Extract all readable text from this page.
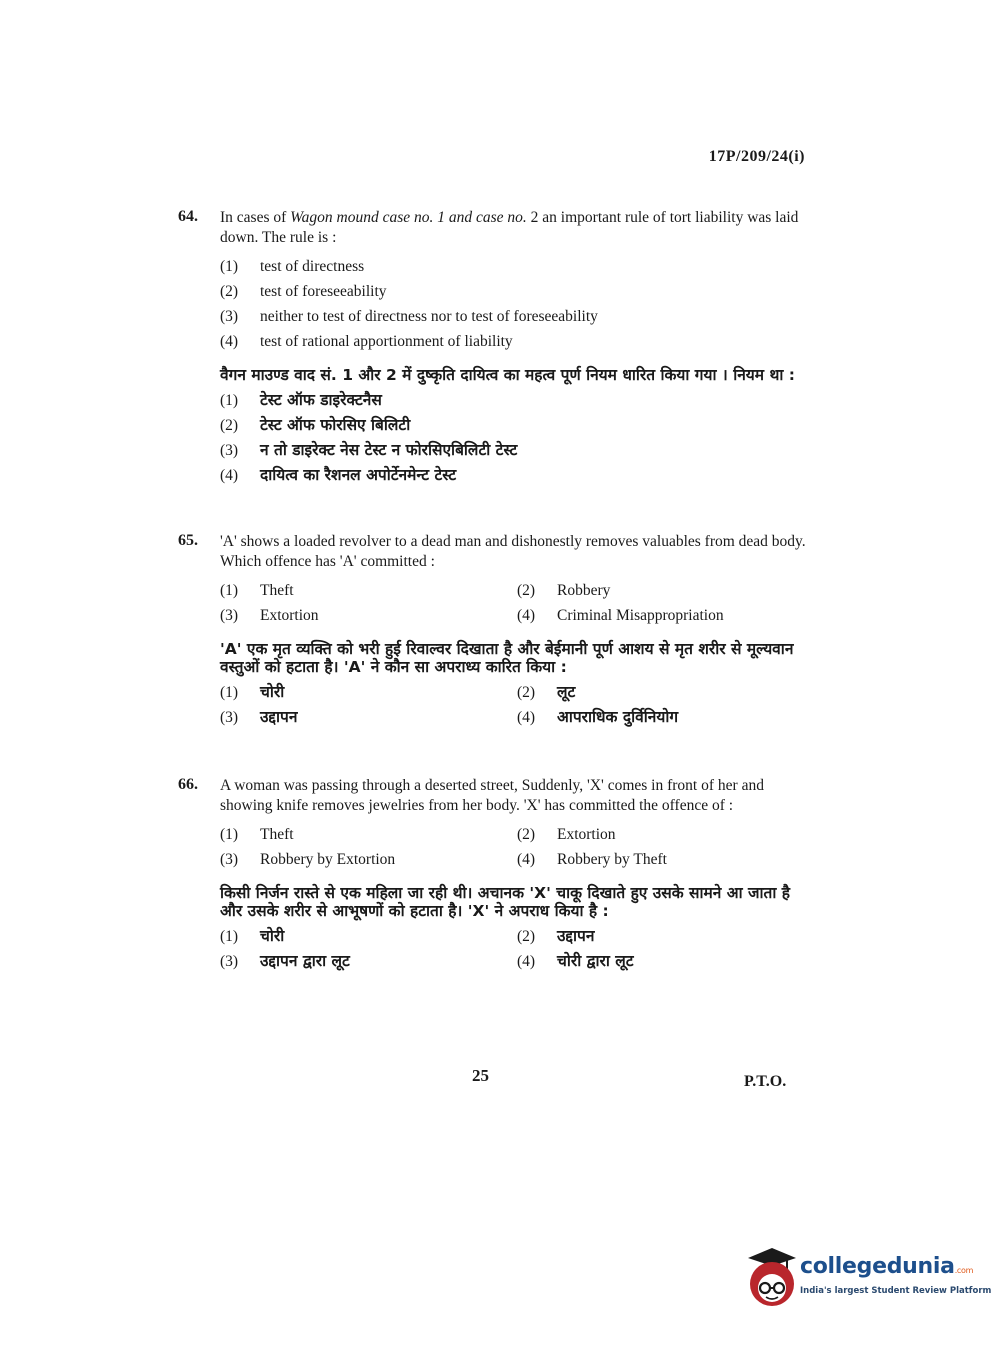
17P/209/24(i)
64. In cases of Wagon mound case no. 1 and case no. 2 an important rule of tort liability was laid down. The rule is :
(1) test of directness
(2) test of foreseeability
(3) neither to test of directness nor to test of foreseeability
(4) test of rational apportionment of liability
वैगन माउण्ड वाद सं. 1 और 2 में दुष्कृति दायित्व का महत्व पूर्ण नियम धारित किया गया । नियम था :
(1) टेस्ट ऑफ डाइरेक्टनैस
(2) टेस्ट ऑफ फोरसिए बिलिटी
(3) न तो डाइरेक्ट नेस टेस्ट न फोरसिएबिलिटी टेस्ट
(4) दायित्व का रैशनल अपोर्टेनमेन्ट टेस्ट
65. 'A' shows a loaded revolver to a dead man and dishonestly removes valuables from dead body. Which offence has 'A' committed :
(1) Theft	(2) Robbery
(3) Extortion	(4) Criminal Misappropriation
'A' एक मृत व्यक्ति को भरी हुई रिवाल्वर दिखाता है और बेईमानी पूर्ण आशय से मृत शरीर से मूल्यवान वस्तुओं को हटाता है। 'A' ने कौन सा अपराध्य कारित किया :
(1) चोरी	(2) लूट
(3) उद्दापन	(4) आपराधिक दुर्विनियोग
66. A woman was passing through a deserted street, Suddenly, 'X' comes in front of her and showing knife removes jewelries from her body. 'X' has committed the offence of :
(1) Theft	(2) Extortion
(3) Robbery by Extortion	(4) Robbery by Theft
किसी निर्जन रास्ते से एक महिला जा रही थी। अचानक 'X' चाकू दिखाते हुए उसके सामने आ जाता है और उसके शरीर से आभूषणों को हटाता है। 'X' ने अपराध किया है :
(1) चोरी	(2) उद्दापन
(3) उद्दापन द्वारा लूट	(4) चोरी द्वारा लूट
25	P.T.O.
collegedunia.com
India's largest Student Review Platform
